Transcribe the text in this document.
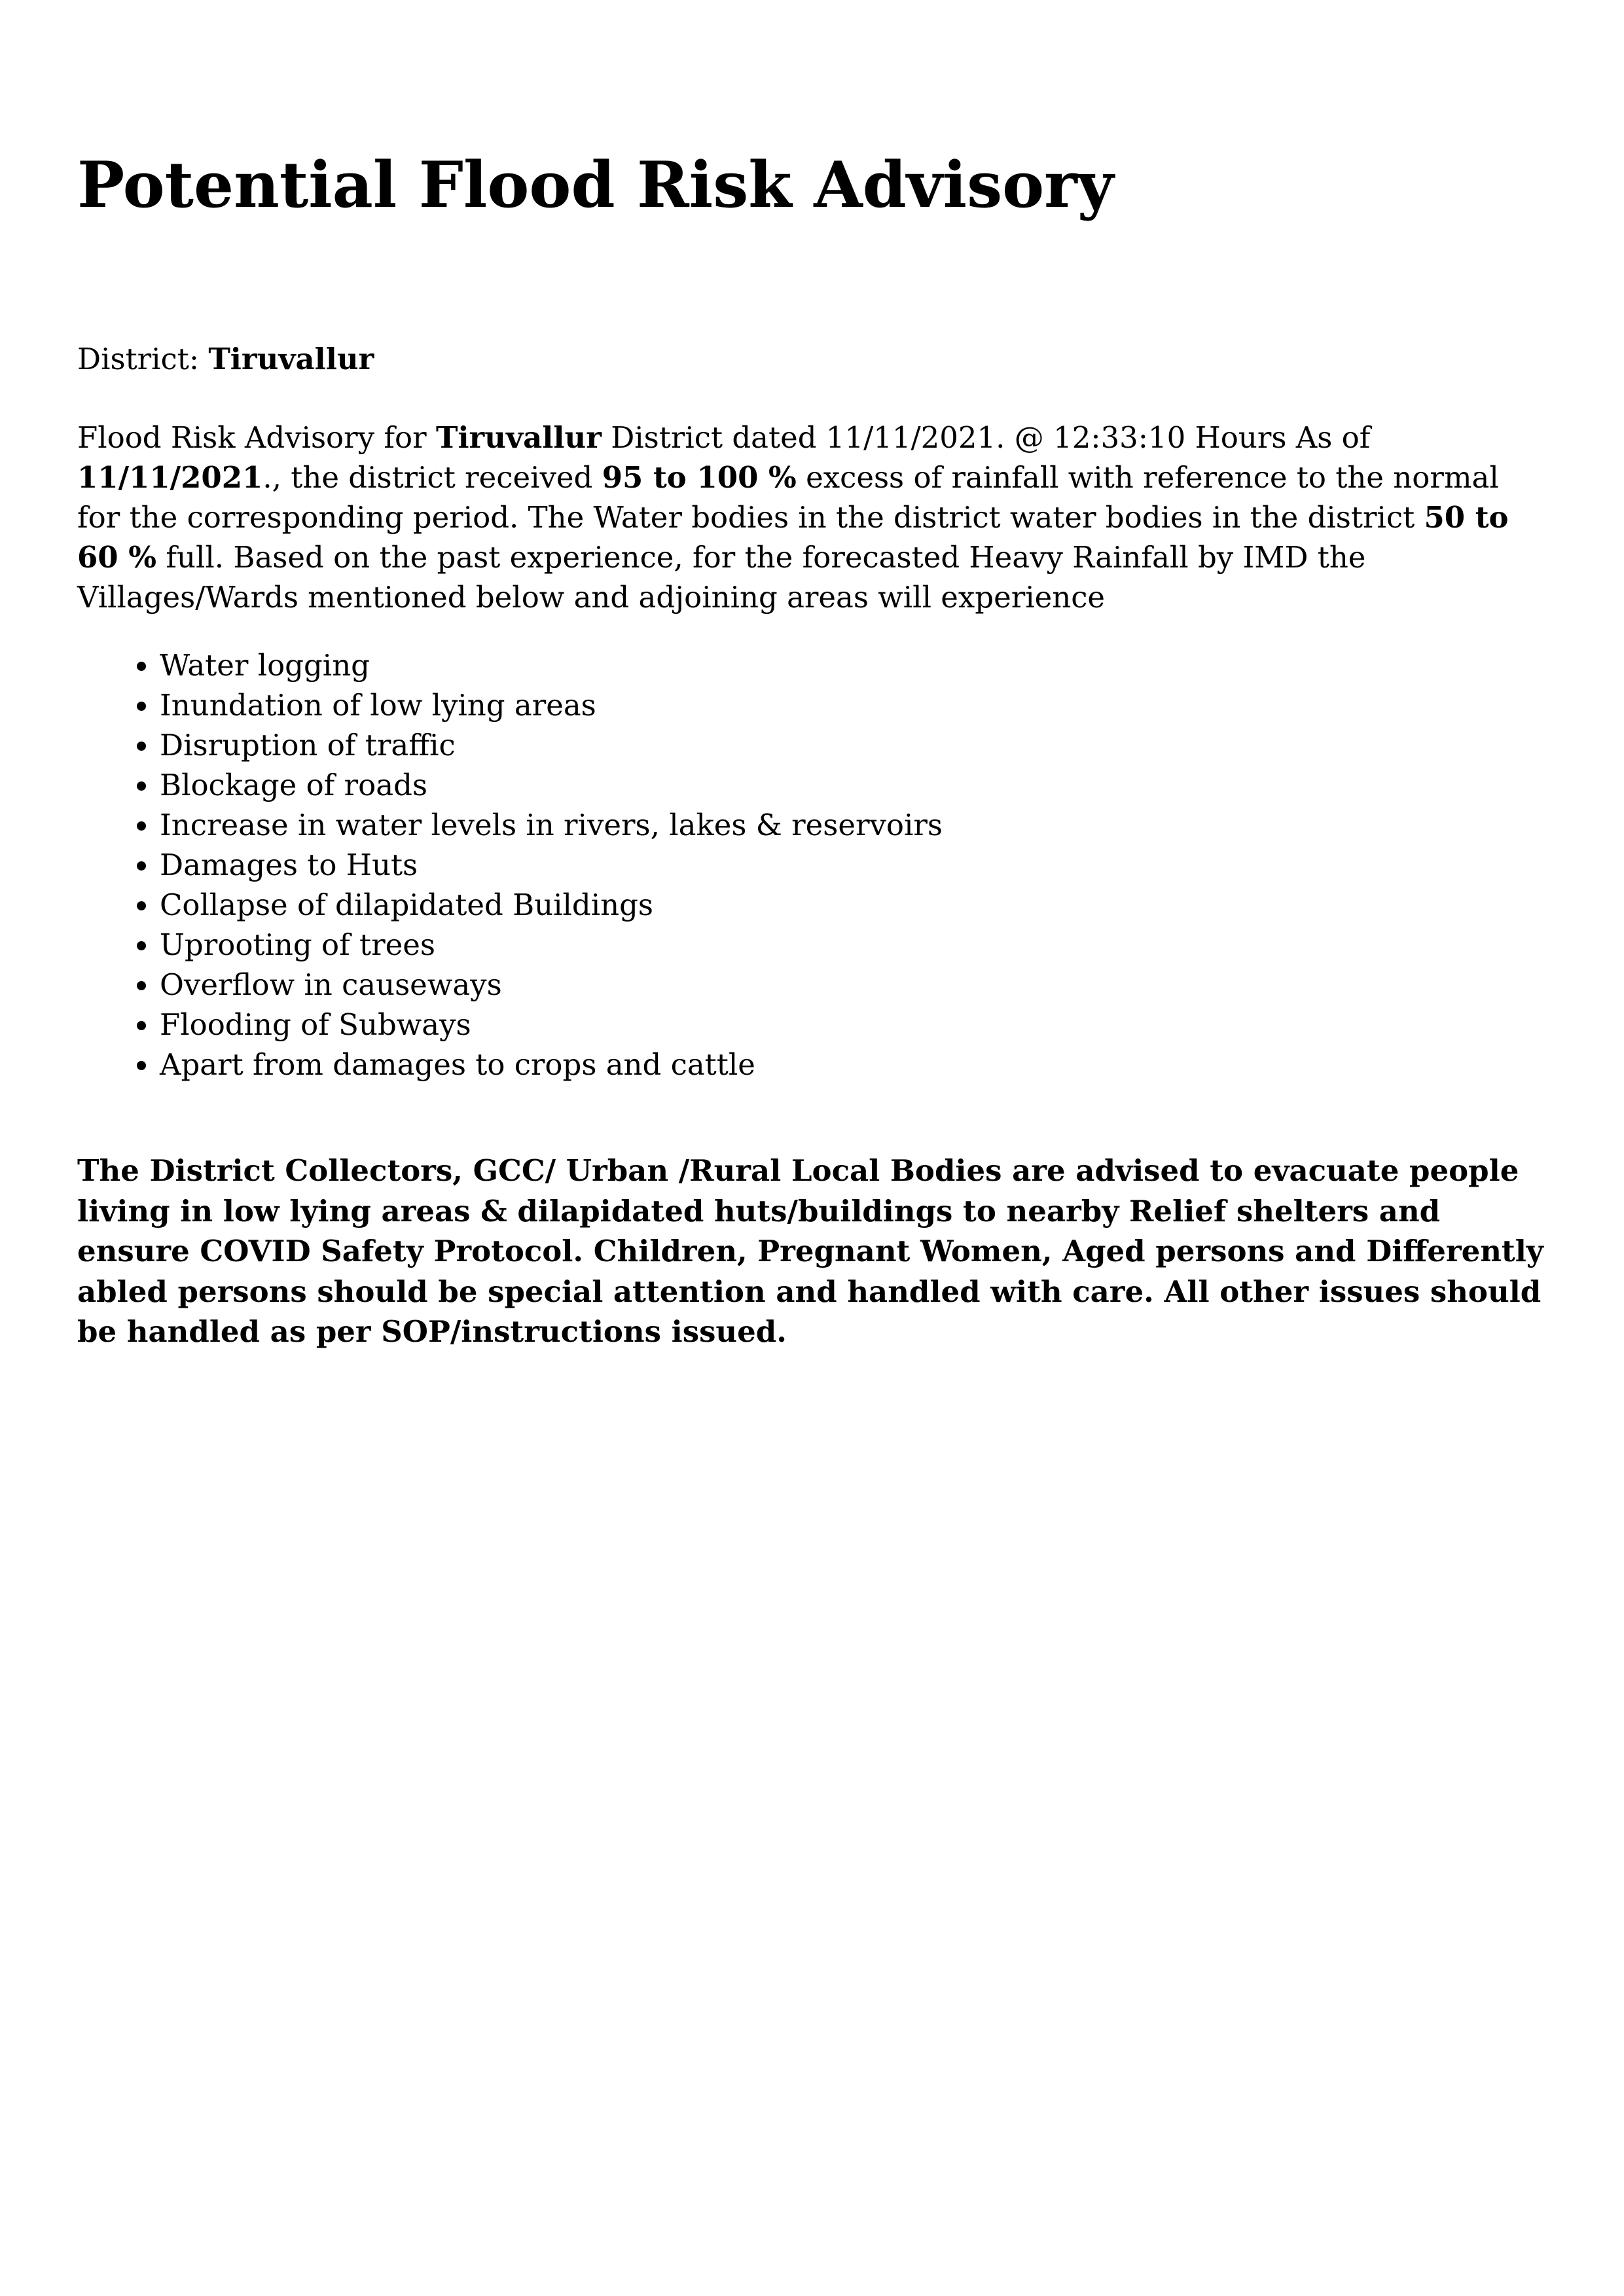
Potential Flood Risk Advisory
District: Tiruvallur

Flood Risk Advisory for Tiruvallur District dated 11/11/2021. @ 12:33:10 Hours As of 11/11/2021., the district received 95 to 100 % excess of rainfall with reference to the normal for the corresponding period. The Water bodies in the district water bodies in the district 50 to 60 % full. Based on the past experience, for the forecasted Heavy Rainfall by IMD the Villages/Wards mentioned below and adjoining areas will experience

• Water logging
• Inundation of low lying areas
• Disruption of traffic
• Blockage of roads
• Increase in water levels in rivers, lakes & reservoirs
• Damages to Huts
• Collapse of dilapidated Buildings
• Uprooting of trees
• Overflow in causeways
• Flooding of Subways
• Apart from damages to crops and cattle

The District Collectors, GCC/ Urban /Rural Local Bodies are advised to evacuate people living in low lying areas & dilapidated huts/buildings to nearby Relief shelters and ensure COVID Safety Protocol. Children, Pregnant Women, Aged persons and Differently abled persons should be special attention and handled with care. All other issues should be handled as per SOP/instructions issued.
